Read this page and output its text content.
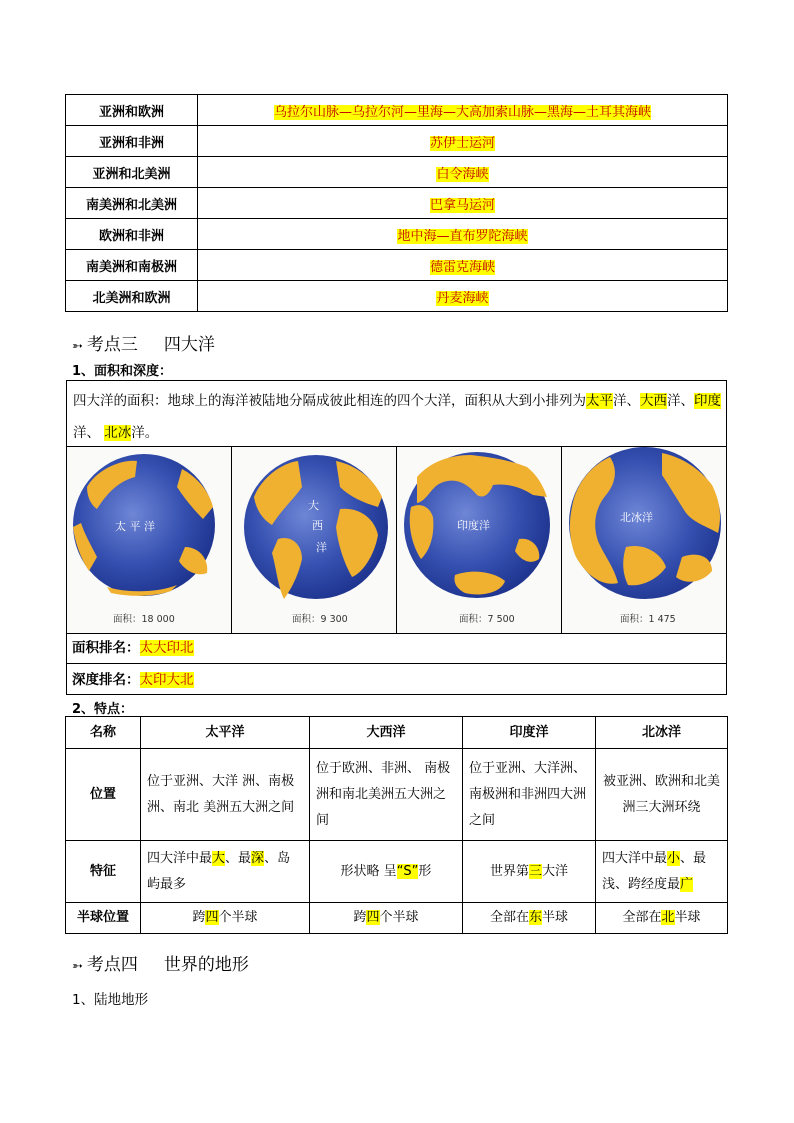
亚洲和欧洲	乌拉尔山脉—乌拉尔河—里海—大高加索山脉—黑海—土耳其海峡
亚洲和非洲	苏伊士运河
亚洲和北美洲	白令海峡
南美洲和北美洲	巴拿马运河
欧洲和非洲	地中海—直布罗陀海峡
南美洲和南极洲	德雷克海峡
北美洲和欧洲	丹麦海峡
➳ 考点三 四大洋
1、面积和深度：
四大洋的面积：地球上的海洋被陆地分隔成彼此相连的四个大洋，面积从大到小排列为太平洋、大西洋、印度洋、 北冰洋。
太 平 洋
面积：18 000
大
西
洋
面积：9 300
印度洋
面积：7 500
北冰洋
面积：1 475
面积排名：太大印北
深度排名：太印大北
2、特点：
名称	太平洋	大西洋	印度洋	北冰洋
位置	位于亚洲、大洋 洲、南极洲、南北 美洲五大洲之间	位于欧洲、非洲、 南极洲和南北美洲五大洲之间	位于亚洲、大洋洲、南极洲和非洲四大洲之间	被亚洲、欧洲和北美洲三大洲环绕
特征	四大洋中最大、最深、岛屿最多	形状略 呈“S”形	世界第三大洋	四大洋中最小、最浅、跨经度最广
半球位置	跨四个半球	跨四个半球	全部在东半球	全部在北半球
➳ 考点四 世界的地形
1、陆地地形
